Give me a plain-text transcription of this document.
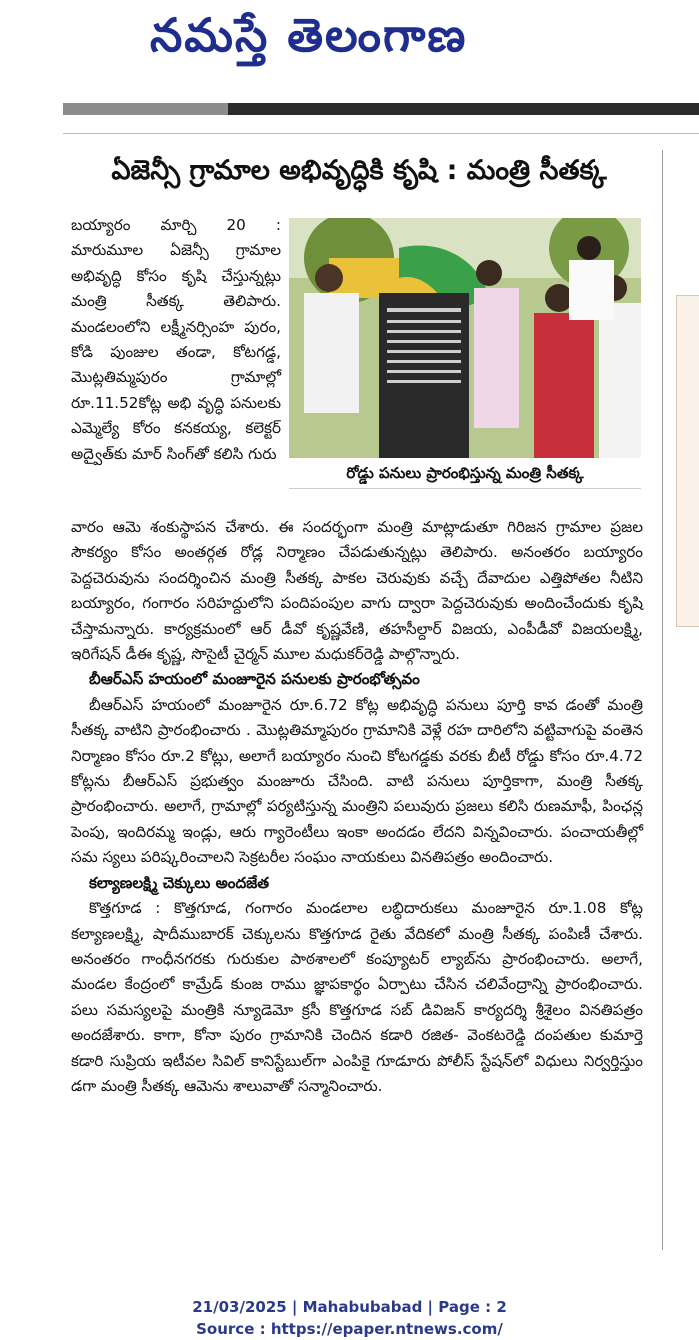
నమస్తే తెలంగాణ
ఏజెన్సీ గ్రామాల అభివృద్ధికి కృషి : మంత్రి సీతక్క
బయ్యారం మార్చి 20 : మారుమూల ఏజెన్సీ గ్రామాల అభివృద్ధి కోసం కృషి చేస్తున్నట్లు మంత్రి సీతక్క తెలిపారు. మండలంలోని లక్ష్మీనర్సింహ పురం, కోడి పుంజుల తండా, కోటగడ్డ, మొట్లతిమ్మపురం గ్రామాల్లో రూ.11.52కోట్ల అభి వృద్ధి పనులకు ఎమ్మెల్యే కోరం కనకయ్య, కలెక్టర్ అద్వైత్‌కు మార్ సింగ్‌తో కలిసి గురు
రోడ్డు పనులు ప్రారంభిస్తున్న మంత్రి సీతక్క

వారం ఆమె శంకుస్థాపన చేశారు. ఈ సందర్భంగా మంత్రి మాట్లాడుతూ గిరిజన గ్రామాల ప్రజల సౌకర్యం కోసం అంతర్గత రోడ్ల నిర్మాణం చేపడుతున్నట్లు తెలిపారు. అనంతరం బయ్యారం పెద్దచెరువును సందర్శించిన మంత్రి సీతక్క పాకల చెరువుకు వచ్చే దేవాదుల ఎత్తిపోతల నీటిని బయ్యారం, గంగారం సరిహద్దులోని పందిపంపుల వాగు ద్వారా పెద్దచెరువుకు అందించేందుకు కృషి చేస్తామన్నారు. కార్యక్రమంలో ఆర్ డీవో కృష్ణవేణి, తహసీల్దార్ విజయ, ఎంపీడీవో విజయలక్ష్మి, ఇరిగేషన్ డీఈ కృష్ణ, సొసైటీ చైర్మన్ మూల మధుకర్‌రెడ్డి పాల్గొన్నారు.

బీఆర్ఎస్ హయంలో మంజూరైన పనులకు ప్రారంభోత్సవం

బీఆర్ఎస్ హయంలో మంజూరైన రూ.6.72 కోట్ల అభివృద్ధి పనులు పూర్తి కావ డంతో మంత్రి సీతక్క వాటిని ప్రారంభించారు . మొట్లతిమ్మాపురం గ్రామానికి వెళ్లే రహ దారిలోని వట్టివాగుపై వంతెన నిర్మాణం కోసం రూ.2 కోట్లు, అలాగే బయ్యారం నుంచి కోటగడ్డకు వరకు బీటీ రోడ్డు కోసం రూ.4.72 కోట్లను బీఆర్ఎస్ ప్రభుత్వం మంజూరు చేసింది. వాటి పనులు పూర్తికాగా, మంత్రి సీతక్క ప్రారంభించారు. అలాగే, గ్రామాల్లో పర్యటిస్తున్న మంత్రిని పలువురు ప్రజలు కలిసి రుణమాఫీ, పింఛన్ల పెంపు, ఇందిరమ్మ ఇండ్లు, ఆరు గ్యారెంటీలు ఇంకా అందడం లేదని విన్నవించారు. పంచాయతీల్లో సమ స్యలు పరిష్కరించాలని సెక్రటరీల సంఘం నాయకులు వినతిపత్రం అందించారు.

కల్యాణలక్ష్మి చెక్కులు అందజేత

కొత్తగూడ : కొత్తగూడ, గంగారం మండలాల లబ్ధిదారుకలు మంజూరైన రూ.1.08 కోట్ల కల్యాణలక్ష్మి, షాదీముబారక్ చెక్కులను కొత్తగూడ రైతు వేదికలో మంత్రి సీతక్క పంపిణీ చేశారు. అనంతరం గాంధీనగరకు గురుకుల పాఠశాలలో కంప్యూటర్ ల్యాబ్‌ను ప్రారంభించారు. అలాగే, మండల కేంద్రంలో కామ్రేడ్ కుంజ రాము జ్ఞాపకార్థం ఏర్పాటు చేసిన చలివేంద్రాన్ని ప్రారంభించారు. పలు సమస్యలపై మంత్రికి న్యూడెమో క్రసీ కొత్తగూడ సబ్ డివిజన్ కార్యదర్శి శ్రీశైలం వినతిపత్రం అందజేశారు. కాగా, కోనా పురం గ్రామానికి చెందిన కడారి రజిత- వెంకటరెడ్డి దంపతుల కుమార్తె కడారి సుప్రియ ఇటీవల సివిల్ కానిస్టేబుల్‌గా ఎంపికై గూడూరు పోలీస్ స్టేషన్‌లో విధులు నిర్వర్తిస్తుం డగా మంత్రి సీతక్క ఆమెను శాలువాతో సన్మానించారు.

21/03/2025 | Mahabubabad | Page : 2
Source : https://epaper.ntnews.com/
